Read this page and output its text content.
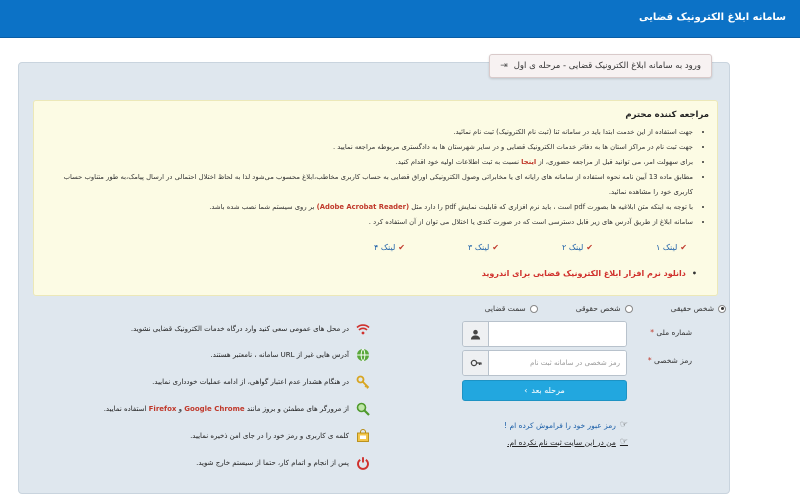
سامانه ابلاغ الکترونیک قضایی
ورود به سامانه ابلاغ الکترونیک قضایی - مرحله ی اول
⇥
مراجعه کننده محترم
• جهت استفاده از این خدمت ابتدا باید در سامانه ثنا (ثبت نام الکترونیک) ثبت نام نمائید.
• جهت ثبت نام در مراکز استان ها به دفاتر خدمات الکترونیک قضایی و در سایر شهرستان ها به دادگستری مربوطه مراجعه نمایید .
• برای سهولت امر، می توانید قبل از مراجعه حضوری، از اینجا نسبت به ثبت اطلاعات اولیه خود اقدام کنید.
• مطابق ماده 13 آیین نامه نحوه استفاده از سامانه های رایانه ای یا مخابراتی وصول الکترونیکی اوراق قضایی به حساب کاربری مخاطب،ابلاغ محسوب می‌شود لذا به لحاظ اختلال احتمالی در ارسال پیامک،به طور متناوب حساب کاربری خود را مشاهده نمائید.
• با توجه به اینکه متن ابلاغیه ها بصورت pdf است ، باید نرم افزاری که قابلیت نمایش pdf را دارد مثل (Adobe Acrobat Reader) بر روی سیستم شما نصب شده باشد.
• سامانه ابلاغ از طریق آدرس های زیر قابل دسترسی است که در صورت کندی یا اختلال می توان از آن استفاده کرد .
✔
لینک ۱
✔
لینک ۲
✔
لینک ۳
✔
لینک ۴
•دانلود نرم افزار ابلاغ الکترونیک قضایی برای اندروید
شخص حقیقی
شخص حقوقی
سمت قضایی
شماره ملی *
رمز شخصی *
مرحله بعد
›
☞
رمز عبور خود را فراموش کرده ام !
☞
من در این سایت ثبت نام نکرده ام.
در محل های عمومی سعی کنید وارد درگاه خدمات الکترونیک قضایی نشوید.
آدرس هایی غیر از URL سامانه ، نامعتبر هستند.
در هنگام هشدار عدم اعتبار گواهی، از ادامه عملیات خودداری نمایید.
از مرورگر های مطمئن و بروز مانند Google Chrome و Firefox استفاده نمایید.
کلمه ی کاربری و رمز خود را در جای امن ذخیره نمایید.
پس از انجام و اتمام کار، حتما از سیستم خارج شوید.
